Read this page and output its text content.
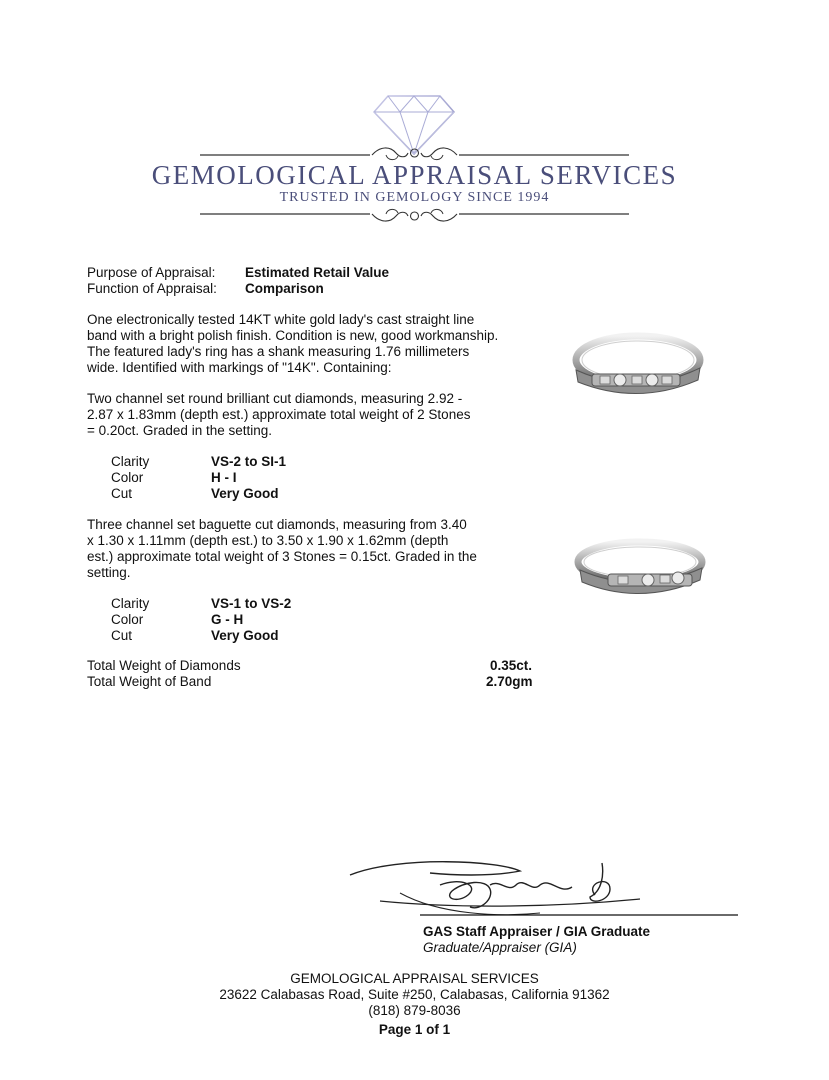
GEMOLOGICAL APPRAISAL SERVICES
TRUSTED IN GEMOLOGY SINCE 1994
Purpose of Appraisal: Estimated Retail Value
Function of Appraisal: Comparison
One electronically tested 14KT white gold lady's cast straight line
band with a bright polish finish. Condition is new, good workmanship.
The featured lady's ring has a shank measuring 1.76 millimeters
wide. Identified with markings of "14K". Containing:
Two channel set round brilliant cut diamonds, measuring 2.92 -
2.87 x 1.83mm (depth est.) approximate total weight of 2 Stones
= 0.20ct. Graded in the setting.
Clarity	VS-2 to SI-1
Color	H - I
Cut	Very Good
Three channel set baguette cut diamonds, measuring from 3.40
x 1.30 x 1.11mm (depth est.) to 3.50 x 1.90 x 1.62mm (depth
est.) approximate total weight of 3 Stones = 0.15ct. Graded in the
setting.
Clarity	VS-1 to VS-2
Color	G - H
Cut	Very Good
Total Weight of Diamonds	0.35ct.
Total Weight of Band	2.70gm
GAS Staff Appraiser / GIA Graduate
Graduate/Appraiser (GIA)
GEMOLOGICAL APPRAISAL SERVICES
23622 Calabasas Road, Suite #250, Calabasas, California 91362
(818) 879-8036
Page 1 of 1
